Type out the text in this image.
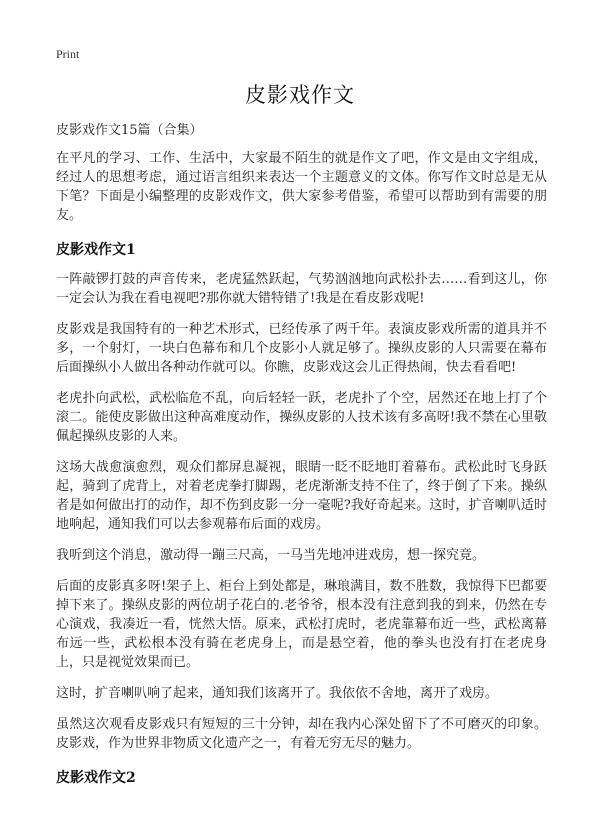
Print
皮影戏作文
皮影戏作文15篇（合集）

在平凡的学习、工作、生活中，大家最不陌生的就是作文了吧，作文是由文字组成，经过人的思想考虑，通过语言组织来表达一个主题意义的文体。你写作文时总是无从下笔？下面是小编整理的皮影戏作文，供大家参考借鉴，希望可以帮助到有需要的朋友。

皮影戏作文1

一阵敲锣打鼓的声音传来，老虎猛然跃起，气势汹汹地向武松扑去……看到这儿，你一定会认为我在看电视吧?那你就大错特错了!我是在看皮影戏呢!

皮影戏是我国特有的一种艺术形式，已经传承了两千年。表演皮影戏所需的道具并不多，一个射灯，一块白色幕布和几个皮影小人就足够了。操纵皮影的人只需要在幕布后面操纵小人做出各种动作就可以。你瞧，皮影戏这会儿正得热闹，快去看看吧!

老虎扑向武松，武松临危不乱，向后轻轻一跃，老虎扑了个空，居然还在地上打了个滚二。能使皮影做出这种高难度动作，操纵皮影的人技术该有多高呀!我不禁在心里敬佩起操纵皮影的人来。

这场大战愈演愈烈，观众们都屏息凝视，眼睛一眨不眨地盯着幕布。武松此时飞身跃起，骑到了虎背上，对着老虎拳打脚踢，老虎渐渐支持不住了，终于倒了下来。操纵者是如何做出打的动作，却不伤到皮影一分一毫呢?我好奇起来。这时，扩音喇叭适时地响起，通知我们可以去参观幕布后面的戏房。

我听到这个消息，激动得一蹦三尺高，一马当先地冲进戏房，想一探究竟。

后面的皮影真多呀!架子上、柜台上到处都是，琳琅满目，数不胜数，我惊得下巴都要掉下来了。操纵皮影的两位胡子花白的.老爷爷，根本没有注意到我的到来，仍然在专心演戏，我凑近一看，恍然大悟。原来，武松打虎时，老虎靠幕布近一些，武松离幕布远一些，武松根本没有骑在老虎身上，而是悬空着，他的拳头也没有打在老虎身上，只是视觉效果而已。

这时，扩音喇叭响了起来，通知我们该离开了。我依依不舍地，离开了戏房。

虽然这次观看皮影戏只有短短的三十分钟，却在我内心深处留下了不可磨灭的印象。皮影戏，作为世界非物质文化遗产之一，有着无穷无尽的魅力。

皮影戏作文2
